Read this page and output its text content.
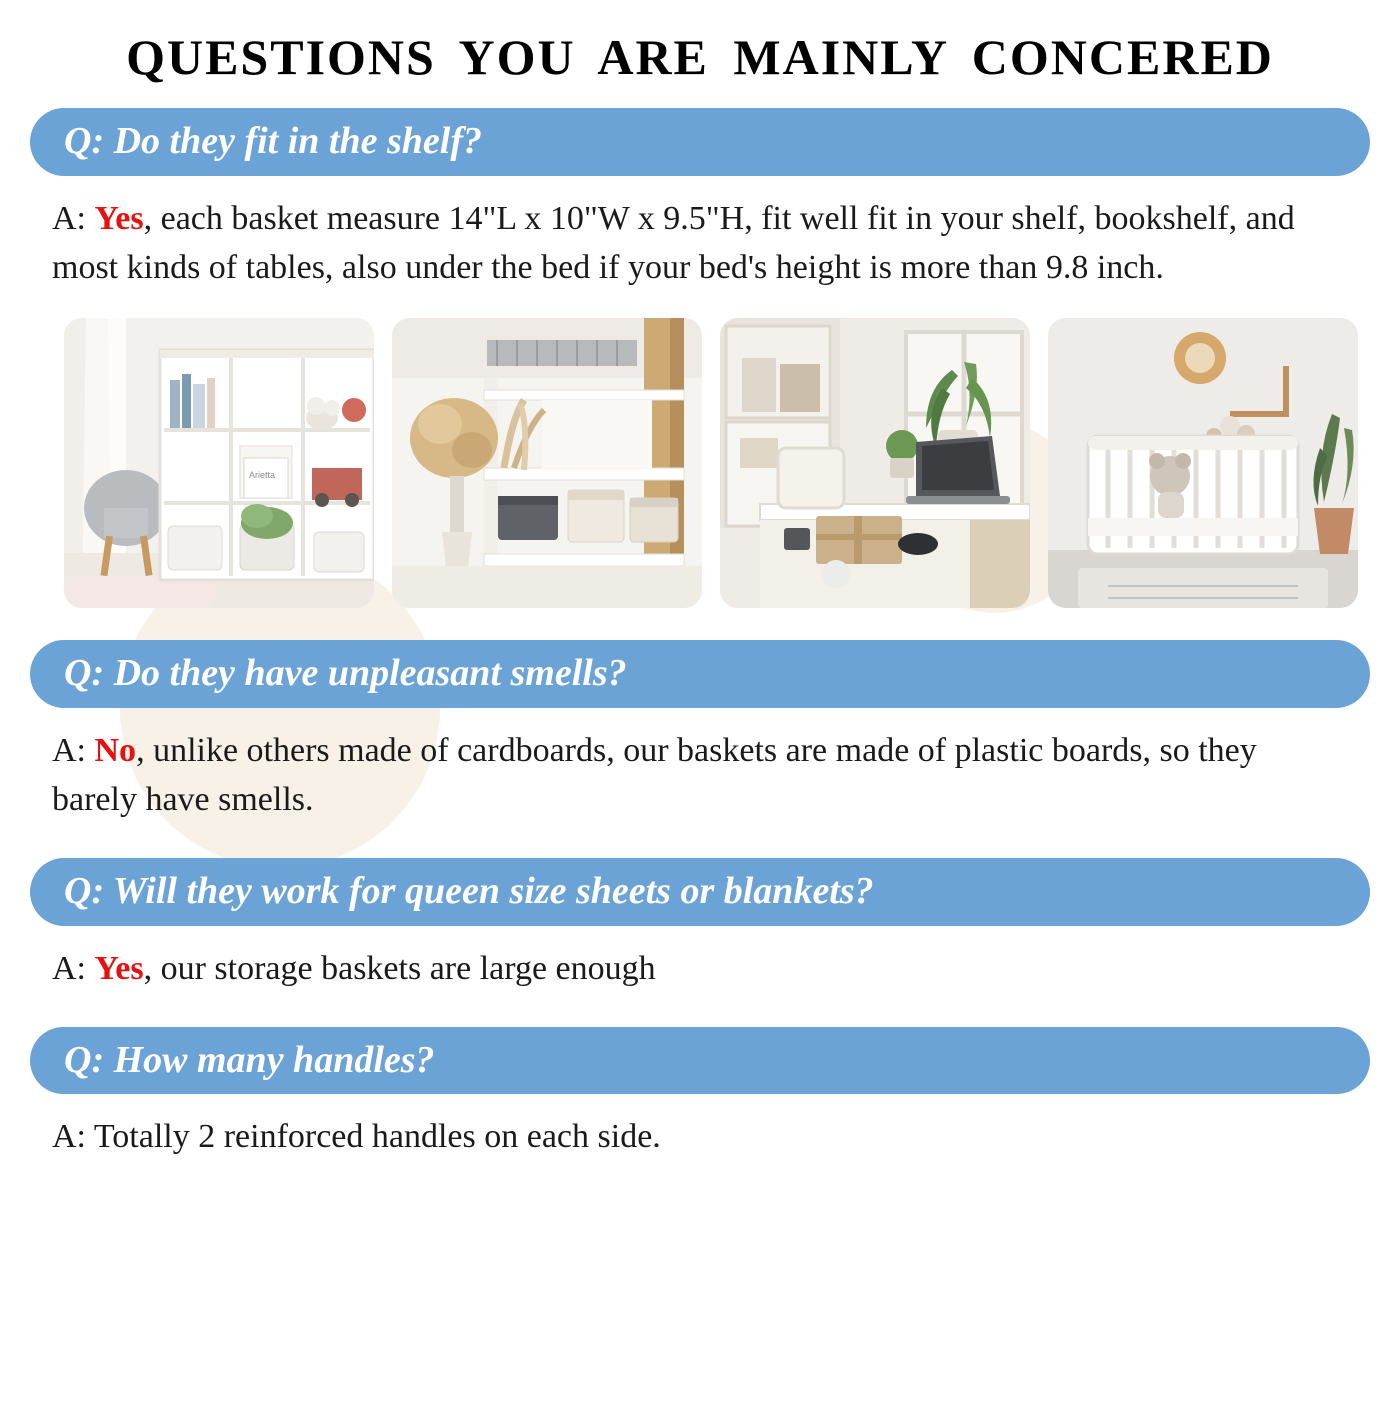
QUESTIONS YOU ARE MAINLY CONCERED
Q: Do they fit in the shelf?

A: Yes, each basket measure 14"L x 10"W x 9.5"H, fit well fit in your shelf, bookshelf, and most kinds of tables, also under the bed if your bed's height is more than 9.8 inch.

Arietta
Q: Do they have unpleasant smells?

A: No, unlike others made of cardboards, our baskets are made of plastic boards, so they barely have smells.

Q: Will they work for queen size sheets or blankets?

A: Yes, our storage baskets are large enough

Q: How many handles?

A: Totally 2 reinforced handles on each side.
